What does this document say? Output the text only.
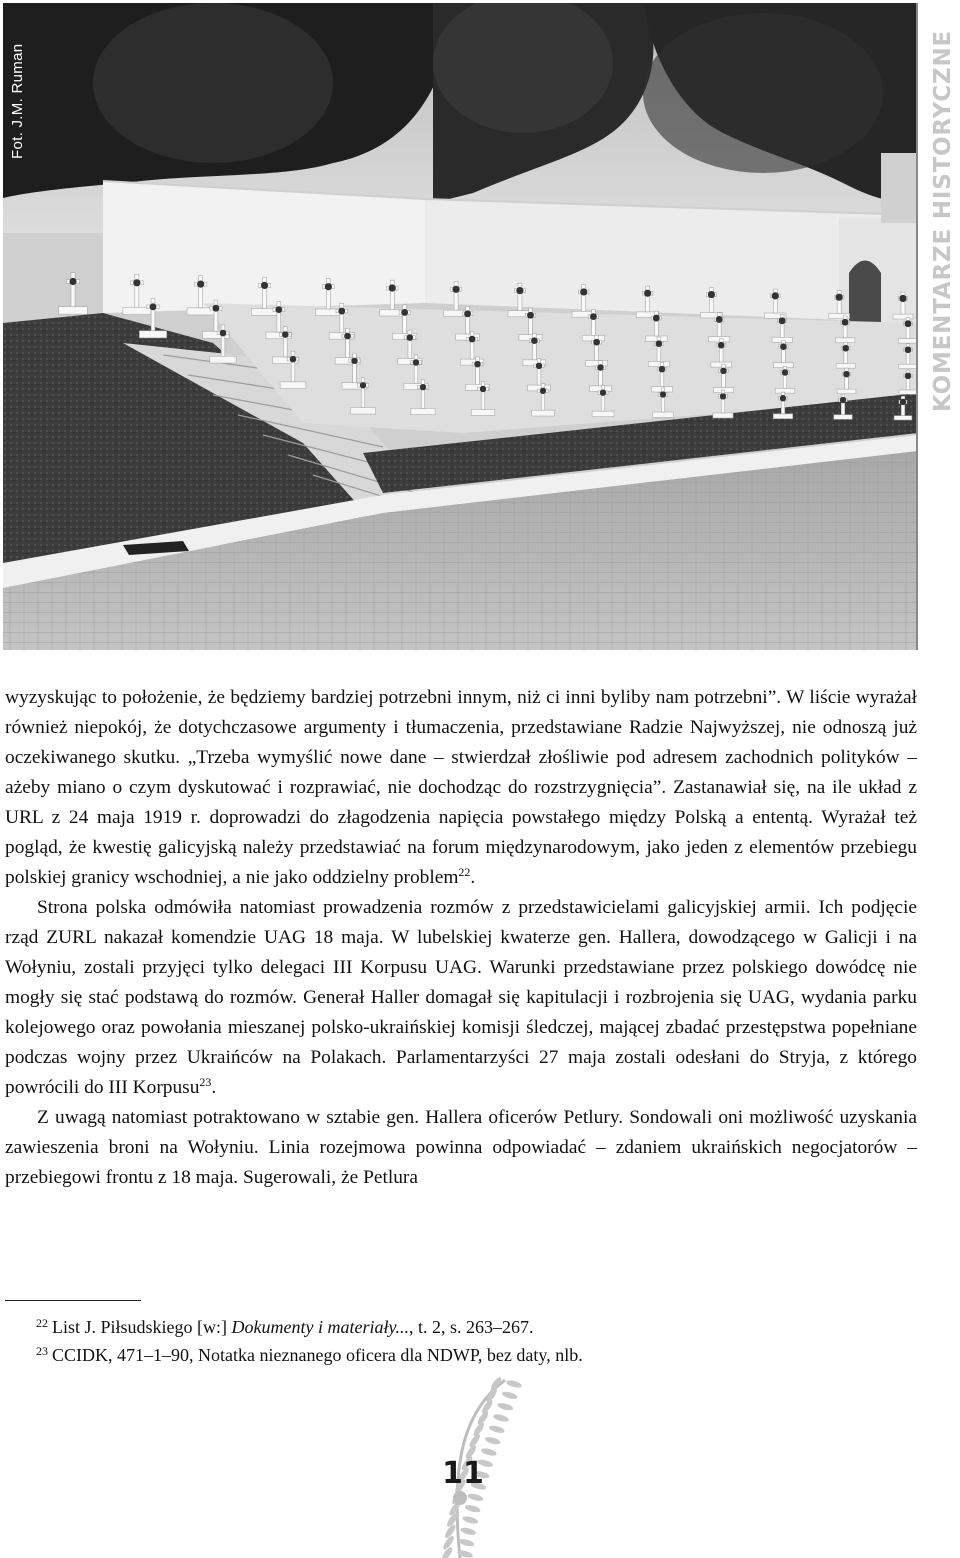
Fot. J.M. Ruman	KOMENTARZE HISTORYCZNE

wyzyskując to położenie, że będziemy bardziej potrzebni innym, niż ci inni byliby nam potrzebni”. W liście wyrażał również niepokój, że dotychczasowe argumenty i tłumaczenia, przedstawiane Radzie Najwyższej, nie odnoszą już oczekiwanego skutku. „Trzeba wymyślić nowe dane – stwierdzał złośliwie pod adresem zachodnich polityków – ażeby miano o czym dyskutować i rozprawiać, nie dochodząc do rozstrzygnięcia”. Zastanawiał się, na ile układ z URL z 24 maja 1919 r. doprowadzi do złagodzenia napięcia powstałego między Polską a ententą. Wyrażał też pogląd, że kwestię galicyjską należy przedstawiać na forum międzynarodowym, jako jeden z elementów przebiegu polskiej granicy wschodniej, a nie jako oddzielny problem$^{22}$.

Strona polska odmówiła natomiast prowadzenia rozmów z przedstawicielami galicyjskiej armii. Ich podjęcie rząd ZURL nakazał komendzie UAG 18 maja. W lubelskiej kwaterze gen. Hallera, dowodzącego w Galicji i na Wołyniu, zostali przyjęci tylko delegaci III Korpusu UAG. Warunki przedstawiane przez polskiego dowódcę nie mogły się stać podstawą do rozmów. Generał Haller domagał się kapitulacji i rozbrojenia się UAG, wydania parku kolejowego oraz powołania mieszanej polsko-ukraińskiej komisji śledczej, mającej zbadać przestępstwa popełniane podczas wojny przez Ukraińców na Polakach. Parlamentarzyści 27 maja zostali odesłani do Stryja, z którego powrócili do III Korpusu$^{23}$.

Z uwagą natomiast potraktowano w sztabie gen. Hallera oficerów Petlury. Sondowali oni możliwość uzyskania zawieszenia broni na Wołyniu. Linia rozejmowa powinna odpowiadać – zdaniem ukraińskich negocjatorów – przebiegowi frontu z 18 maja. Sugerowali, że Petlura

$^{22}$ List J. Piłsudskiego [w:] Dokumenty i materiały..., t. 2, s. 263–267.
$^{23}$ CCIDK, 471–1–90, Notatka nieznanego oficera dla NDWP, bez daty, nlb.
11
